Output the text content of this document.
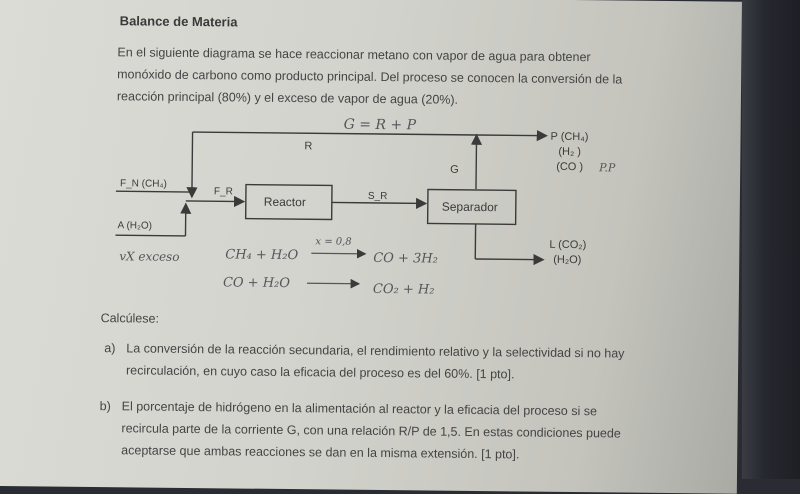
Balance de Materia
En el siguiente diagrama se hace reaccionar metano con vapor de agua para obtener
monóxido de carbono como producto principal. Del proceso se conocen la conversión de la
reacción principal (80%) y el exceso de vapor de agua (20%).
G = R + P
R
G
F_N (CH₄)
A (H₂O)
F_R	S_R
Reactor	Separador
P (CH₄)
(H₂ )
(CO ) P.P
L (CO₂)
(H₂O)
vX exceso	CH₄ + H₂O
x = 0,8
CO + 3H₂
CO + H₂O	CO₂ + H₂
Calcúlese:
a) La conversión de la reacción secundaria, el rendimiento relativo y la selectividad si no hay
recirculación, en cuyo caso la eficacia del proceso es del 60%. [1 pto].
b) El porcentaje de hidrógeno en la alimentación al reactor y la eficacia del proceso si se
recircula parte de la corriente G, con una relación R/P de 1,5. En estas condiciones puede
aceptarse que ambas reacciones se dan en la misma extensión. [1 pto].
